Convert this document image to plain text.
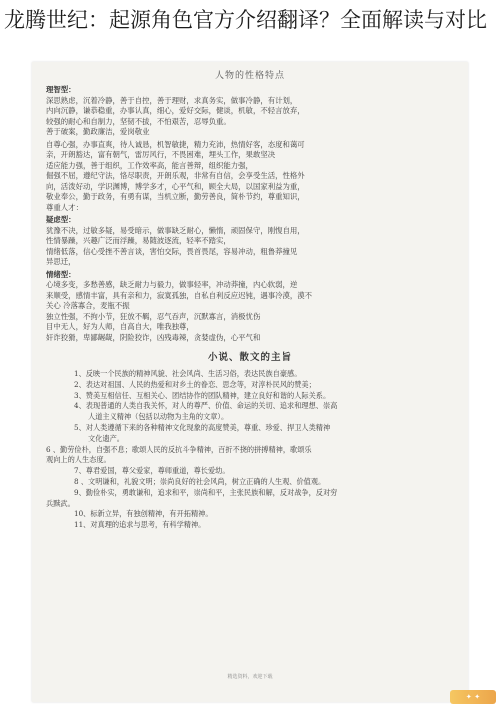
龙腾世纪：起源角色官方介绍翻译？全面解读与对比
人物的性格特点
理智型：
深思熟虑，沉着冷静，善于自控，善于理财，求真务实，做事冷静，有计划，
内向沉静，谦恭稳重，办事认真，细心，爱好交际，健谈，机敏，不轻言放弃，
较强的耐心和自制力，坚韧不拔，不怕艰苦，忍辱负重。
善于破案，勤政廉洁，爱岗敬业
自尊心强，办事直爽，待人诚恳，机智敏捷，精力充沛，热情好客，态度和蔼可
亲，开朗豁达，富有朝气，雷厉风行，不畏困难，埋头工作，果敢坚决
适应能力强，善于组织，工作效率高，能言善辩，组织能力强，
倔强不屈，遵纪守法，恪尽职责，开朗乐观，非常有自信，会享受生活，性格外
向，活泼好动，学识渊博，博学多才，心平气和，顾全大局，以国家利益为重，
敬业奉公，勤于政务，有勇有谋，当机立断，勤劳善良，简朴节约，尊重知识，
尊重人才：
疑虑型：
犹豫不决，过敏多疑，易受暗示，做事缺乏耐心，懒惰，顽固保守，刚愎自用，
性情暴躁，兴趣广泛而浮躁，易随波逐流，轻率不踏实，
情绪低落，信心受挫不善言谈，害怕交际，畏首畏尾，容易冲动，粗鲁莽撞见
异思迁，
情绪型：
心境多变，多愁善感，缺乏耐力与毅力，做事轻率，冲动莽撞，内心软弱，逆
来顺受，感情丰富，具有亲和力，寂寞孤独，自私自利反应迟钝，遇事冷漠，漠不
关心 冷落寡合，麦瓶不振
独立性强，不拘小节，狂放不羁，忍气吞声，沉默寡言，消极忧伤
目中无人，好为人师，自高自大，唯我独尊，
奸诈狡猾，卑鄙龌龊，阴险狡诈，凶残毒辣，贪婪虚伪，心平气和
小说、散文的主旨
1、反映一个民族的精神风貌、社会风尚、生活习俗，表达民族自豪感。
2、表达对祖国、人民的热爱和对乡土的眷恋、思念等，对淳朴民风的赞美；
3、赞美互相信任、互相关心、团结协作的团队精神，建立良好和谐的人际关系。
4、表现普通的人类自我关怀，对人的尊严、价值、命运的关切、追求和理想、崇高
人道主义精神（包括以动物为主角的文章）。
5、对人类遵循下来的各种精神文化现象的高度赞美，尊重、珍爱、捍卫人类精神
文化遗产。
6 、勤劳俭朴，自强不息；歌颂人民的反抗斗争精神，百折不挠的拼搏精神，歌颂乐
观向上的人生态度。
7、尊君爱国，尊父爱家，尊师重道，尊长爱幼。
8 、文明谦和，礼貌文明；崇尚良好的社会风尚，树立正确的人生观、价值观。
9、勤俭朴实，勇敢谦和，追求和平，崇尚和平，主张民族和解，反对战争，反对穷
兵黩武。
10、标新立异，有独创精神，有开拓精神。
11、对真理的追求与思考，有科学精神。
精选资料，欢迎下载
✦ ✦
